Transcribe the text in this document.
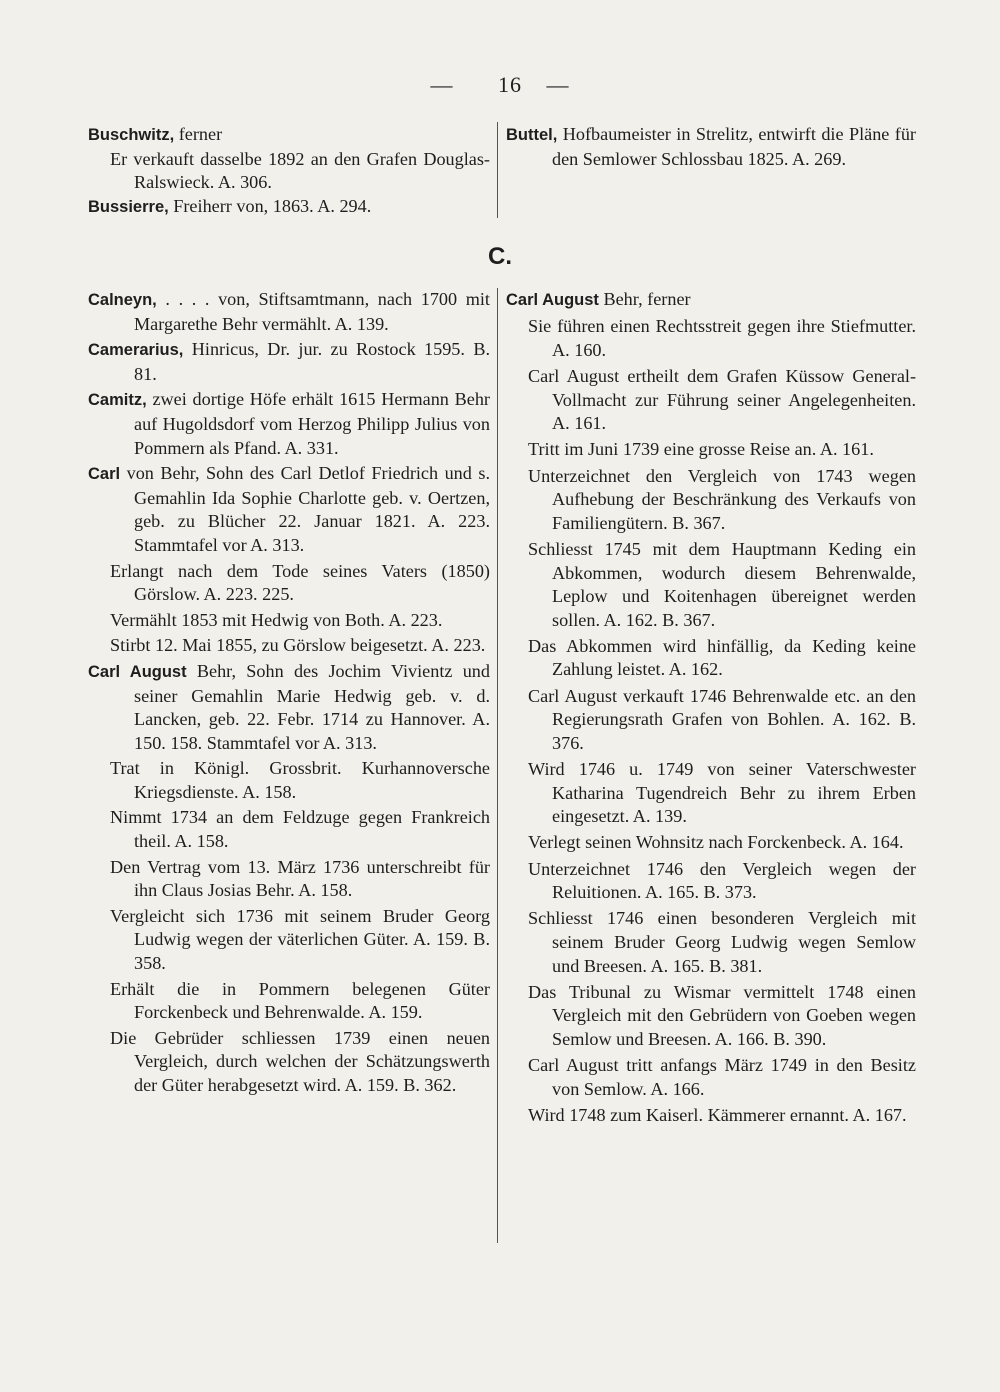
— 16 —

Buschwitz, ferner

Er verkauft dasselbe 1892 an den Grafen Douglas-Ralswieck. A. 306.

Bussierre, Freiherr von, 1863. A. 294.

Buttel, Hofbaumeister in Strelitz, entwirft die Pläne für den Semlower Schlossbau 1825. A. 269.

C.

Calneyn, . . . . von, Stiftsamtmann, nach 1700 mit Margarethe Behr vermählt. A. 139.

Camerarius, Hinricus, Dr. jur. zu Rostock 1595. B. 81.

Camitz, zwei dortige Höfe erhält 1615 Hermann Behr auf Hugoldsdorf vom Herzog Philipp Julius von Pommern als Pfand. A. 331.

Carl von Behr, Sohn des Carl Detlof Friedrich und s. Gemahlin Ida Sophie Charlotte geb. v. Oertzen, geb. zu Blücher 22. Januar 1821. A. 223. Stammtafel vor A. 313.

Erlangt nach dem Tode seines Vaters (1850) Görslow. A. 223. 225.

Vermählt 1853 mit Hedwig von Both. A. 223.

Stirbt 12. Mai 1855, zu Görslow beigesetzt. A. 223.

Carl August Behr, Sohn des Jochim Vivientz und seiner Gemahlin Marie Hedwig geb. v. d. Lancken, geb. 22. Febr. 1714 zu Hannover. A. 150. 158. Stammtafel vor A. 313.

Trat in Königl. Grossbrit. Kurhannoversche Kriegsdienste. A. 158.

Nimmt 1734 an dem Feldzuge gegen Frankreich theil. A. 158.

Den Vertrag vom 13. März 1736 unterschreibt für ihn Claus Josias Behr. A. 158.

Vergleicht sich 1736 mit seinem Bruder Georg Ludwig wegen der väterlichen Güter. A. 159. B. 358.

Erhält die in Pommern belegenen Güter Forckenbeck und Behrenwalde. A. 159.

Die Gebrüder schliessen 1739 einen neuen Vergleich, durch welchen der Schätzungswerth der Güter herabgesetzt wird. A. 159. B. 362.

Carl August Behr, ferner

Sie führen einen Rechtsstreit gegen ihre Stiefmutter. A. 160.

Carl August ertheilt dem Grafen Küssow General-Vollmacht zur Führung seiner Angelegenheiten. A. 161.

Tritt im Juni 1739 eine grosse Reise an. A. 161.

Unterzeichnet den Vergleich von 1743 wegen Aufhebung der Beschränkung des Verkaufs von Familiengütern. B. 367.

Schliesst 1745 mit dem Hauptmann Keding ein Abkommen, wodurch diesem Behrenwalde, Leplow und Koitenhagen übereignet werden sollen. A. 162. B. 367.

Das Abkommen wird hinfällig, da Keding keine Zahlung leistet. A. 162.

Carl August verkauft 1746 Behrenwalde etc. an den Regierungsrath Grafen von Bohlen. A. 162. B. 376.

Wird 1746 u. 1749 von seiner Vaterschwester Katharina Tugendreich Behr zu ihrem Erben eingesetzt. A. 139.

Verlegt seinen Wohnsitz nach Forckenbeck. A. 164.

Unterzeichnet 1746 den Vergleich wegen der Reluitionen. A. 165. B. 373.

Schliesst 1746 einen besonderen Vergleich mit seinem Bruder Georg Ludwig wegen Semlow und Breesen. A. 165. B. 381.

Das Tribunal zu Wismar vermittelt 1748 einen Vergleich mit den Gebrüdern von Goeben wegen Semlow und Breesen. A. 166. B. 390.

Carl August tritt anfangs März 1749 in den Besitz von Semlow. A. 166.

Wird 1748 zum Kaiserl. Kämmerer ernannt. A. 167.
